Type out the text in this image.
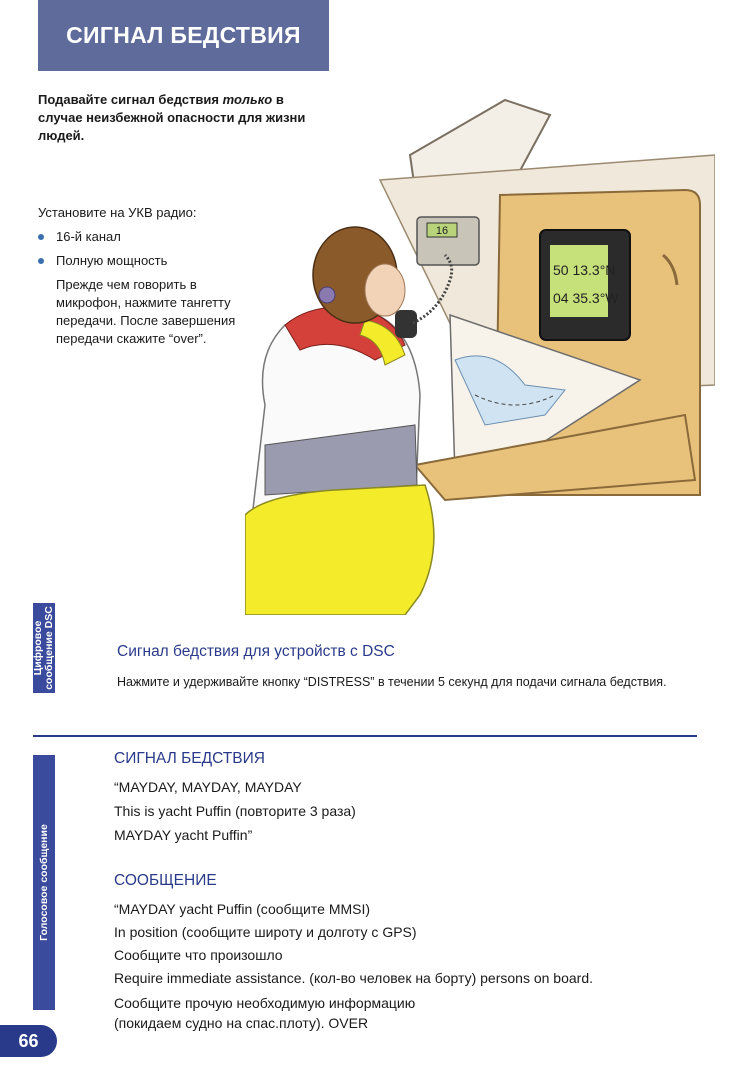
СИГНАЛ БЕДСТВИЯ
Подавайте сигнал бедствия только в случае неизбежной опасности для жизни людей.
Установите на УКВ радио:
16-й канал
Полную мощность
Прежде чем говорить в микрофон, нажмите тангетту передачи. После завершения передачи скажите “over”.
16
50 13.3°N
04 35.3°W
Цифровое
сообщение DSC	Сигнал бедствия для устройств с DSC
Нажмите и удерживайте кнопку “DISTRESS” в течении 5 секунд для подачи сигнала бедствия.
Голосовое сообщение
СИГНАЛ БЕДСТВИЯ
“MAYDAY, MAYDAY, MAYDAY
This is yacht Puffin (повторите 3 раза)
MAYDAY yacht Puffin”
СООБЩЕНИЕ
“MAYDAY yacht Puffin (сообщите MMSI)
In position (сообщите широту и долготу с GPS)
Сообщите что произошло
Require immediate assistance. (кол-во человек на борту) persons on board.
Сообщите прочую необходимую информацию
(покидаем судно на спас.плоту). OVER
66
